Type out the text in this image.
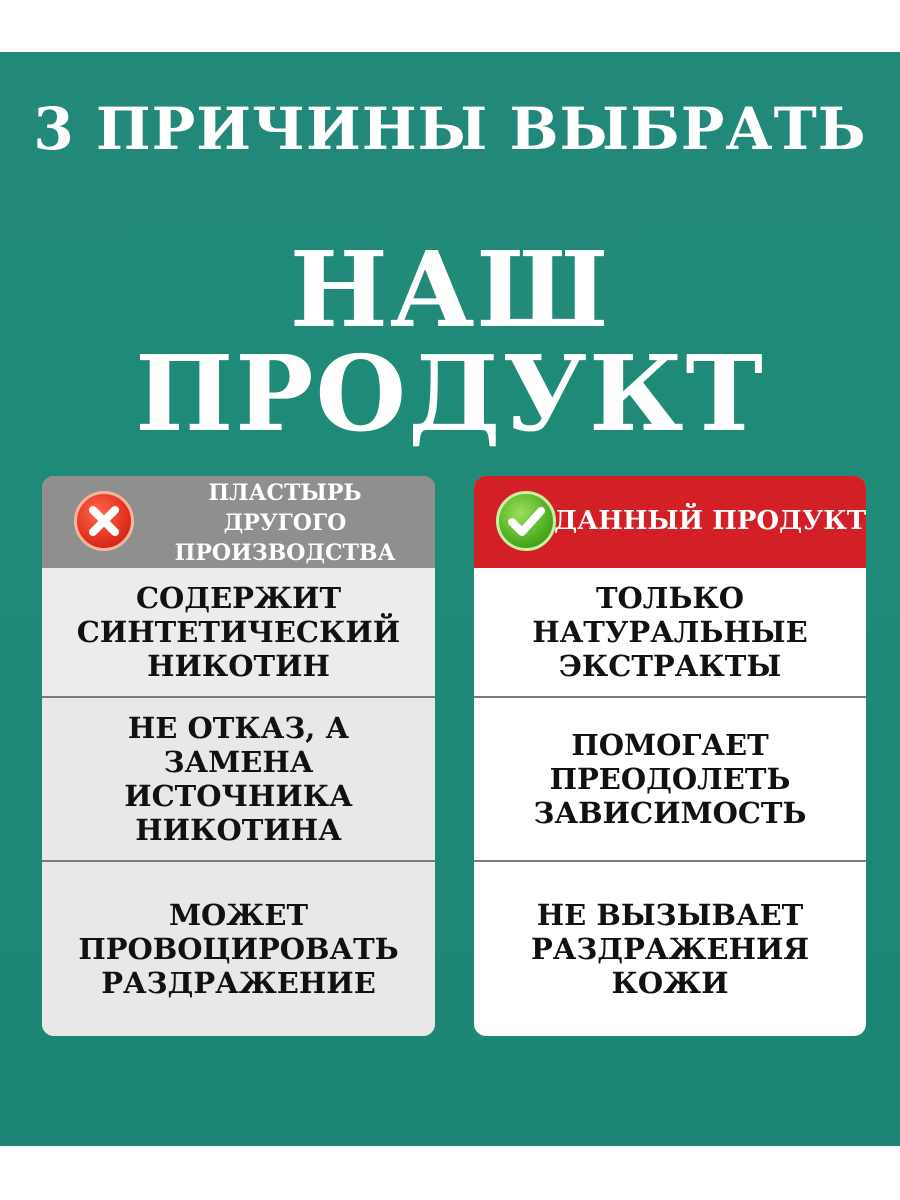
3 ПРИЧИНЫ ВЫБРАТЬ
НАШ ПРОДУКТ
ПЛАСТЫРЬ ДРУГОГО ПРОИЗВОДСТВА
СОДЕРЖИТ СИНТЕТИЧЕСКИЙ НИКОТИН
НЕ ОТКАЗ, А ЗАМЕНА ИСТОЧНИКА НИКОТИНА
МОЖЕТ ПРОВОЦИРОВАТЬ РАЗДРАЖЕНИЕ
ДАННЫЙ ПРОДУКТ
ТОЛЬКО НАТУРАЛЬНЫЕ ЭКСТРАКТЫ
ПОМОГАЕТ ПРЕОДОЛЕТЬ ЗАВИСИМОСТЬ
НЕ ВЫЗЫВАЕТ РАЗДРАЖЕНИЯ КОЖИ
